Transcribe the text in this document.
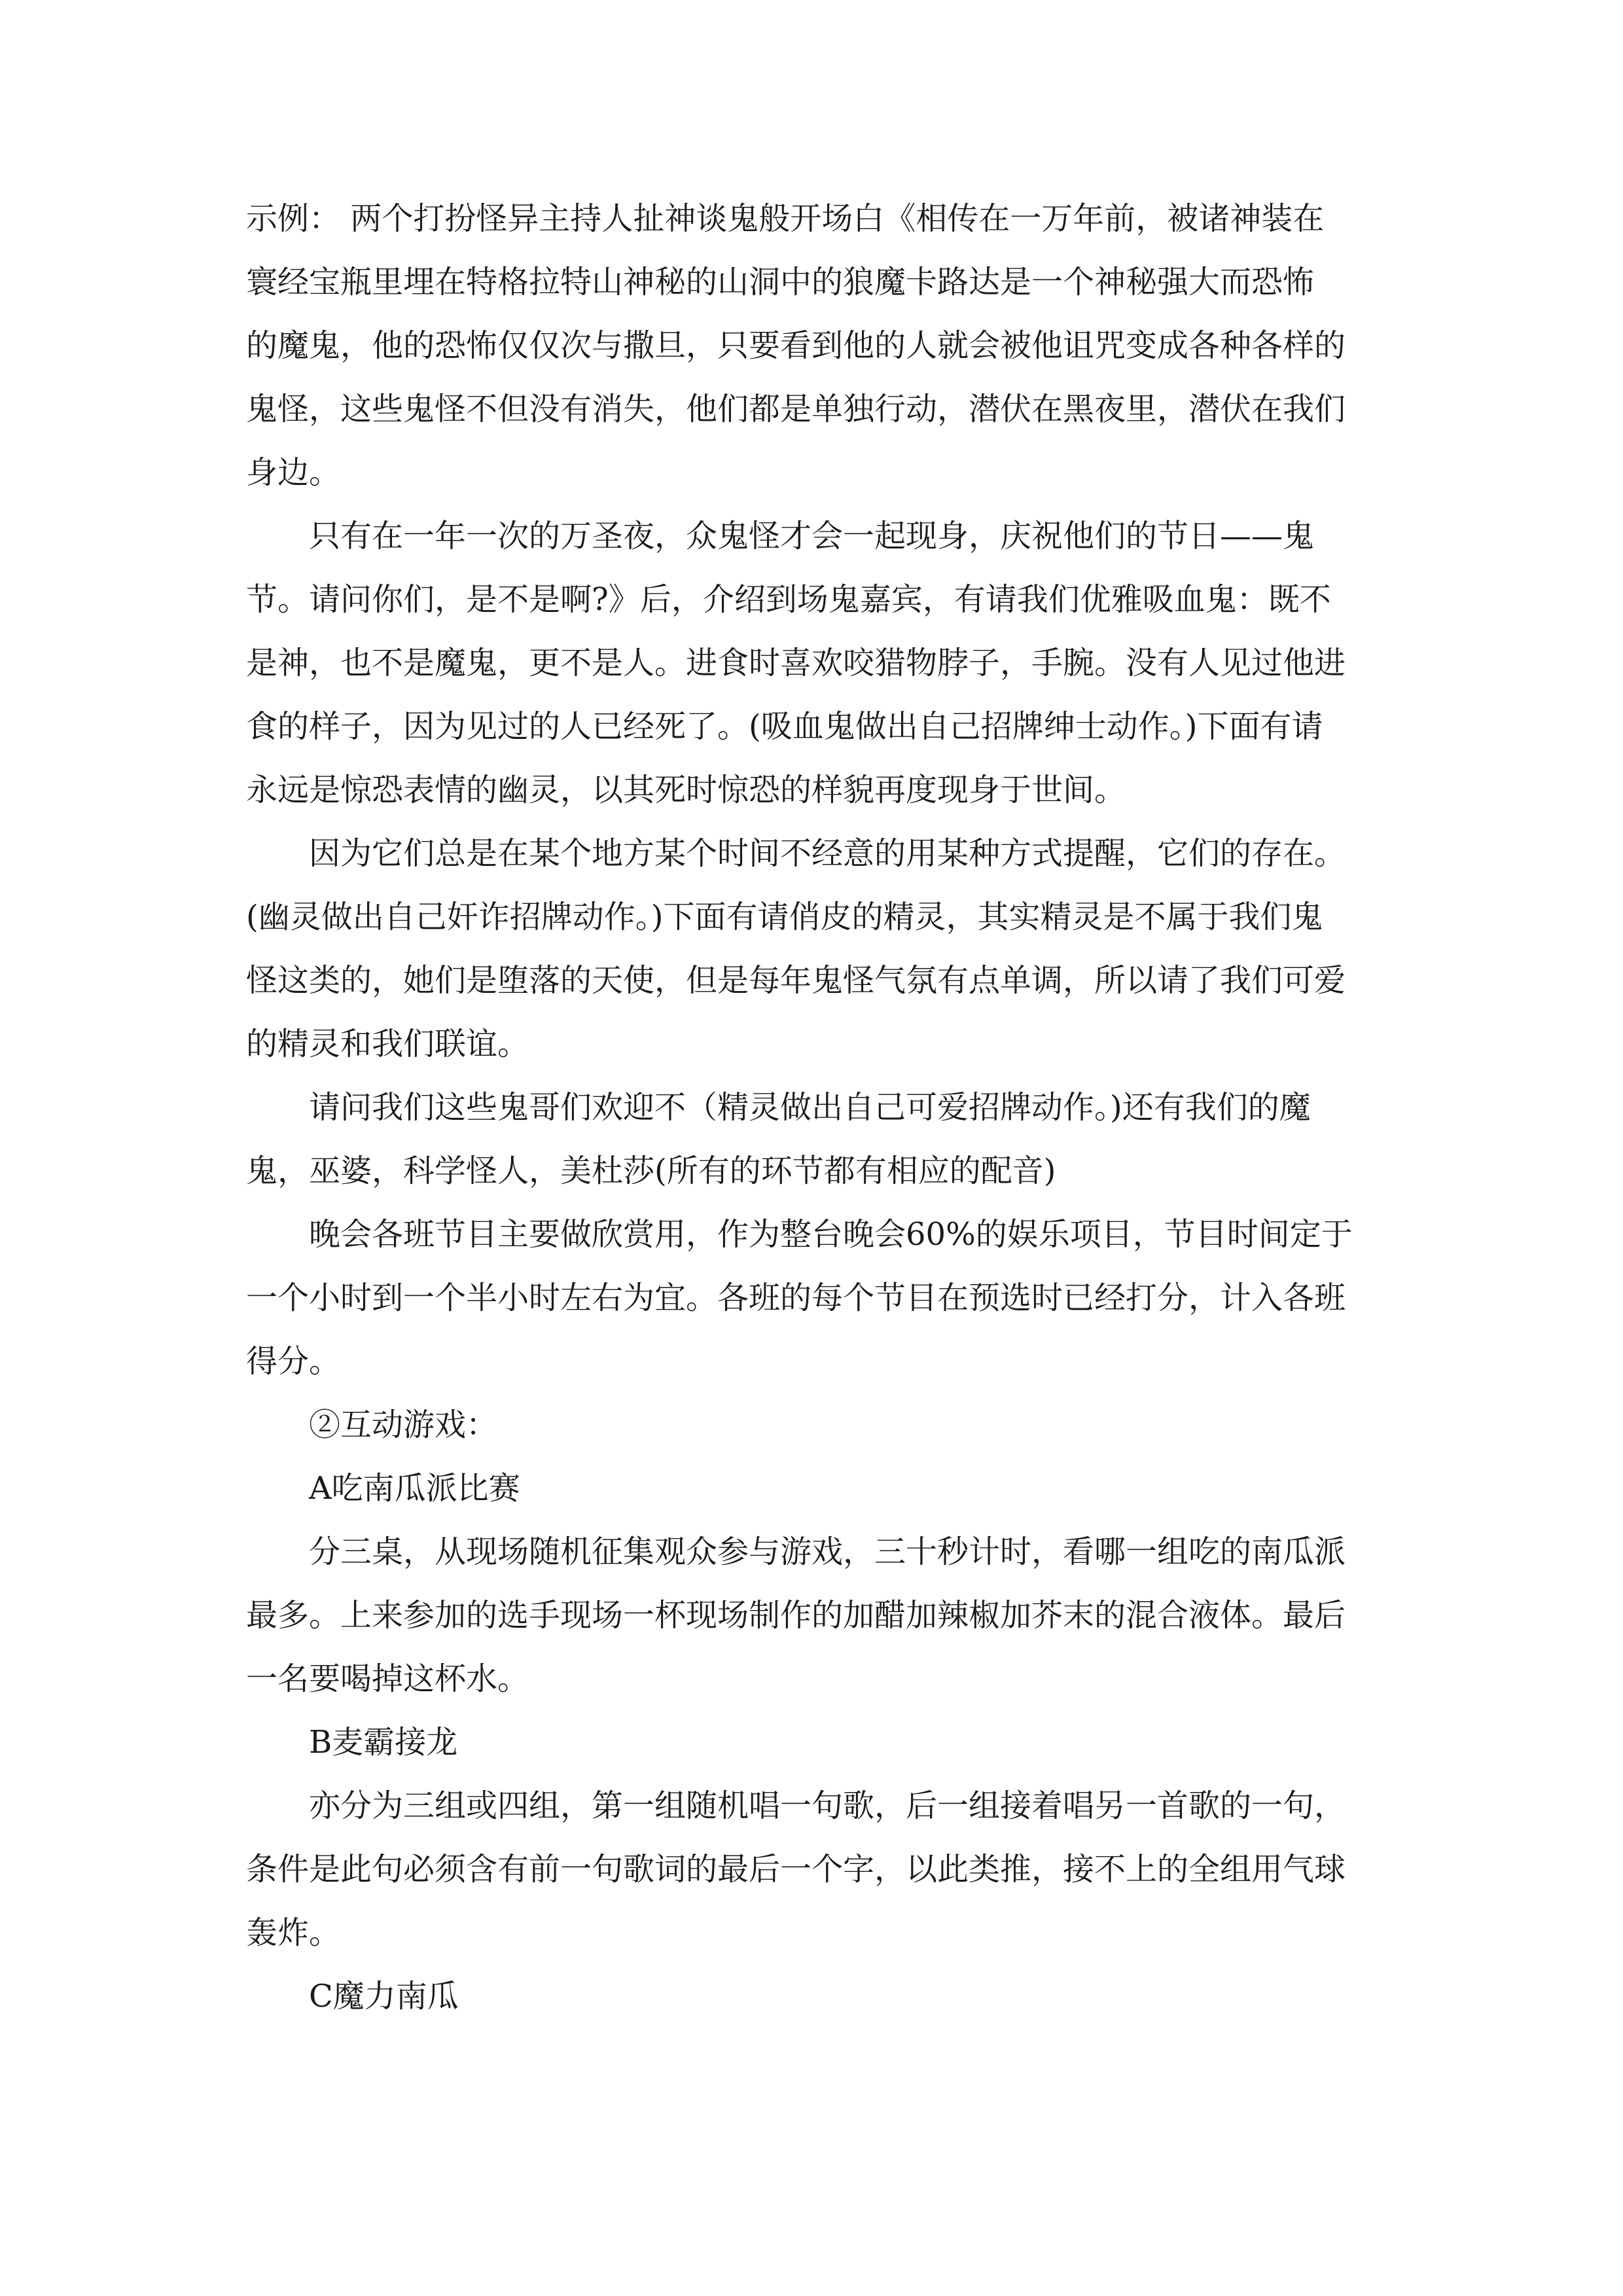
示例： 两个打扮怪异主持人扯神谈鬼般开场白《相传在一万年前，被诸神装在
寰经宝瓶里埋在特格拉特山神秘的山洞中的狼魔卡路达是一个神秘强大而恐怖
的魔鬼，他的恐怖仅仅次与撒旦，只要看到他的人就会被他诅咒变成各种各样的
鬼怪，这些鬼怪不但没有消失，他们都是单独行动，潜伏在黑夜里，潜伏在我们
身边。
只有在一年一次的万圣夜，众鬼怪才会一起现身，庆祝他们的节日——鬼
节。请问你们，是不是啊?》后，介绍到场鬼嘉宾，有请我们优雅吸血鬼：既不
是神，也不是魔鬼，更不是人。进食时喜欢咬猎物脖子，手腕。没有人见过他进
食的样子，因为见过的人已经死了。(吸血鬼做出自己招牌绅士动作。)下面有请
永远是惊恐表情的幽灵，以其死时惊恐的样貌再度现身于世间。
因为它们总是在某个地方某个时间不经意的用某种方式提醒，它们的存在。
(幽灵做出自己奸诈招牌动作。)下面有请俏皮的精灵，其实精灵是不属于我们鬼
怪这类的，她们是堕落的天使，但是每年鬼怪气氛有点单调，所以请了我们可爱
的精灵和我们联谊。
请问我们这些鬼哥们欢迎不（精灵做出自己可爱招牌动作。)还有我们的魔
鬼，巫婆，科学怪人，美杜莎(所有的环节都有相应的配音)
晚会各班节目主要做欣赏用，作为整台晚会60%的娱乐项目，节目时间定于
一个小时到一个半小时左右为宜。各班的每个节目在预选时已经打分，计入各班
得分。
②互动游戏：
A吃南瓜派比赛
分三桌，从现场随机征集观众参与游戏，三十秒计时，看哪一组吃的南瓜派
最多。上来参加的选手现场一杯现场制作的加醋加辣椒加芥末的混合液体。最后
一名要喝掉这杯水。
B麦霸接龙
亦分为三组或四组，第一组随机唱一句歌，后一组接着唱另一首歌的一句，
条件是此句必须含有前一句歌词的最后一个字，以此类推，接不上的全组用气球
轰炸。
C魔力南瓜
